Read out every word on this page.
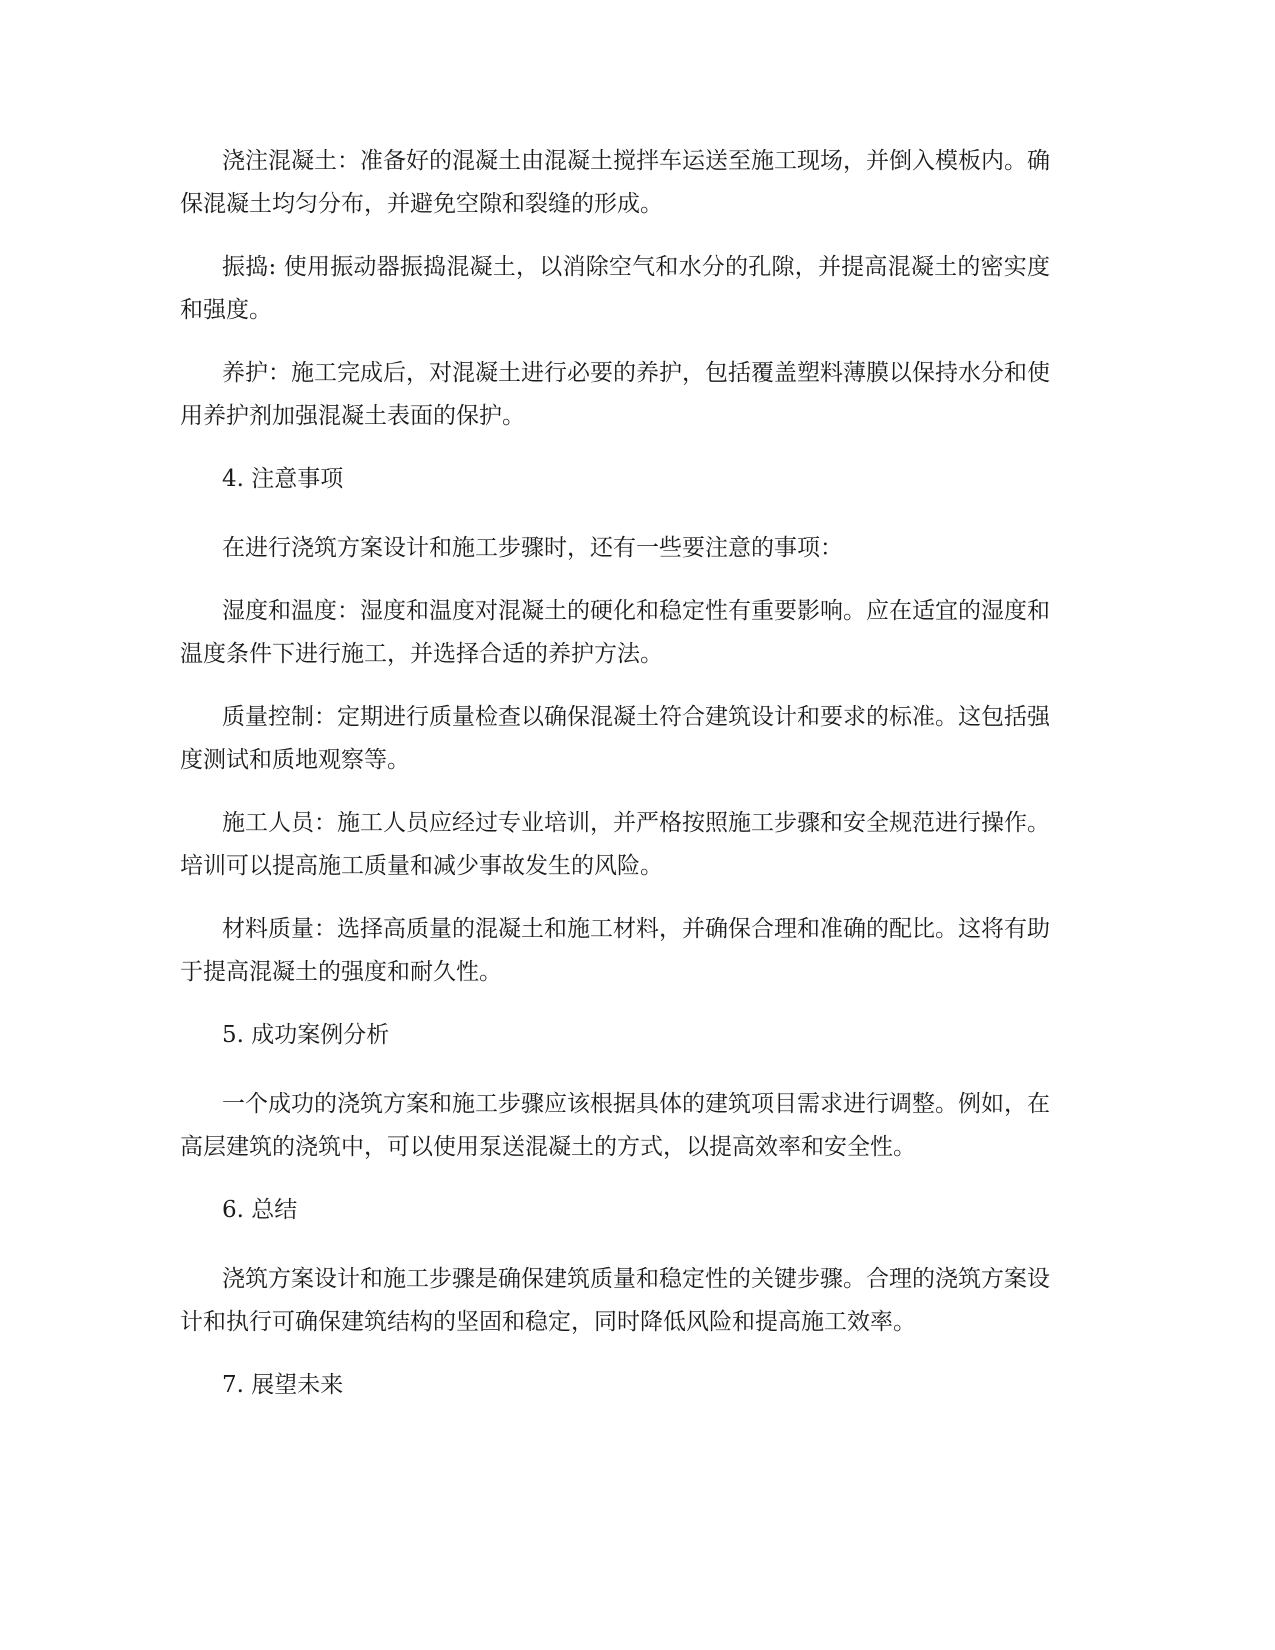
浇注混凝土：准备好的混凝土由混凝土搅拌车运送至施工现场，并倒入模板内。确保混凝土均匀分布，并避免空隙和裂缝的形成。

振捣: 使用振动器振捣混凝土，以消除空气和水分的孔隙，并提高混凝土的密实度和强度。

养护：施工完成后，对混凝土进行必要的养护，包括覆盖塑料薄膜以保持水分和使用养护剂加强混凝土表面的保护。

4. 注意事项

在进行浇筑方案设计和施工步骤时，还有一些要注意的事项：

湿度和温度：湿度和温度对混凝土的硬化和稳定性有重要影响。应在适宜的湿度和温度条件下进行施工，并选择合适的养护方法。

质量控制：定期进行质量检查以确保混凝土符合建筑设计和要求的标准。这包括强度测试和质地观察等。

施工人员：施工人员应经过专业培训，并严格按照施工步骤和安全规范进行操作。培训可以提高施工质量和减少事故发生的风险。

材料质量：选择高质量的混凝土和施工材料，并确保合理和准确的配比。这将有助于提高混凝土的强度和耐久性。

5. 成功案例分析

一个成功的浇筑方案和施工步骤应该根据具体的建筑项目需求进行调整。例如，在高层建筑的浇筑中，可以使用泵送混凝土的方式，以提高效率和安全性。

6. 总结

浇筑方案设计和施工步骤是确保建筑质量和稳定性的关键步骤。合理的浇筑方案设计和执行可确保建筑结构的坚固和稳定，同时降低风险和提高施工效率。

7. 展望未来
